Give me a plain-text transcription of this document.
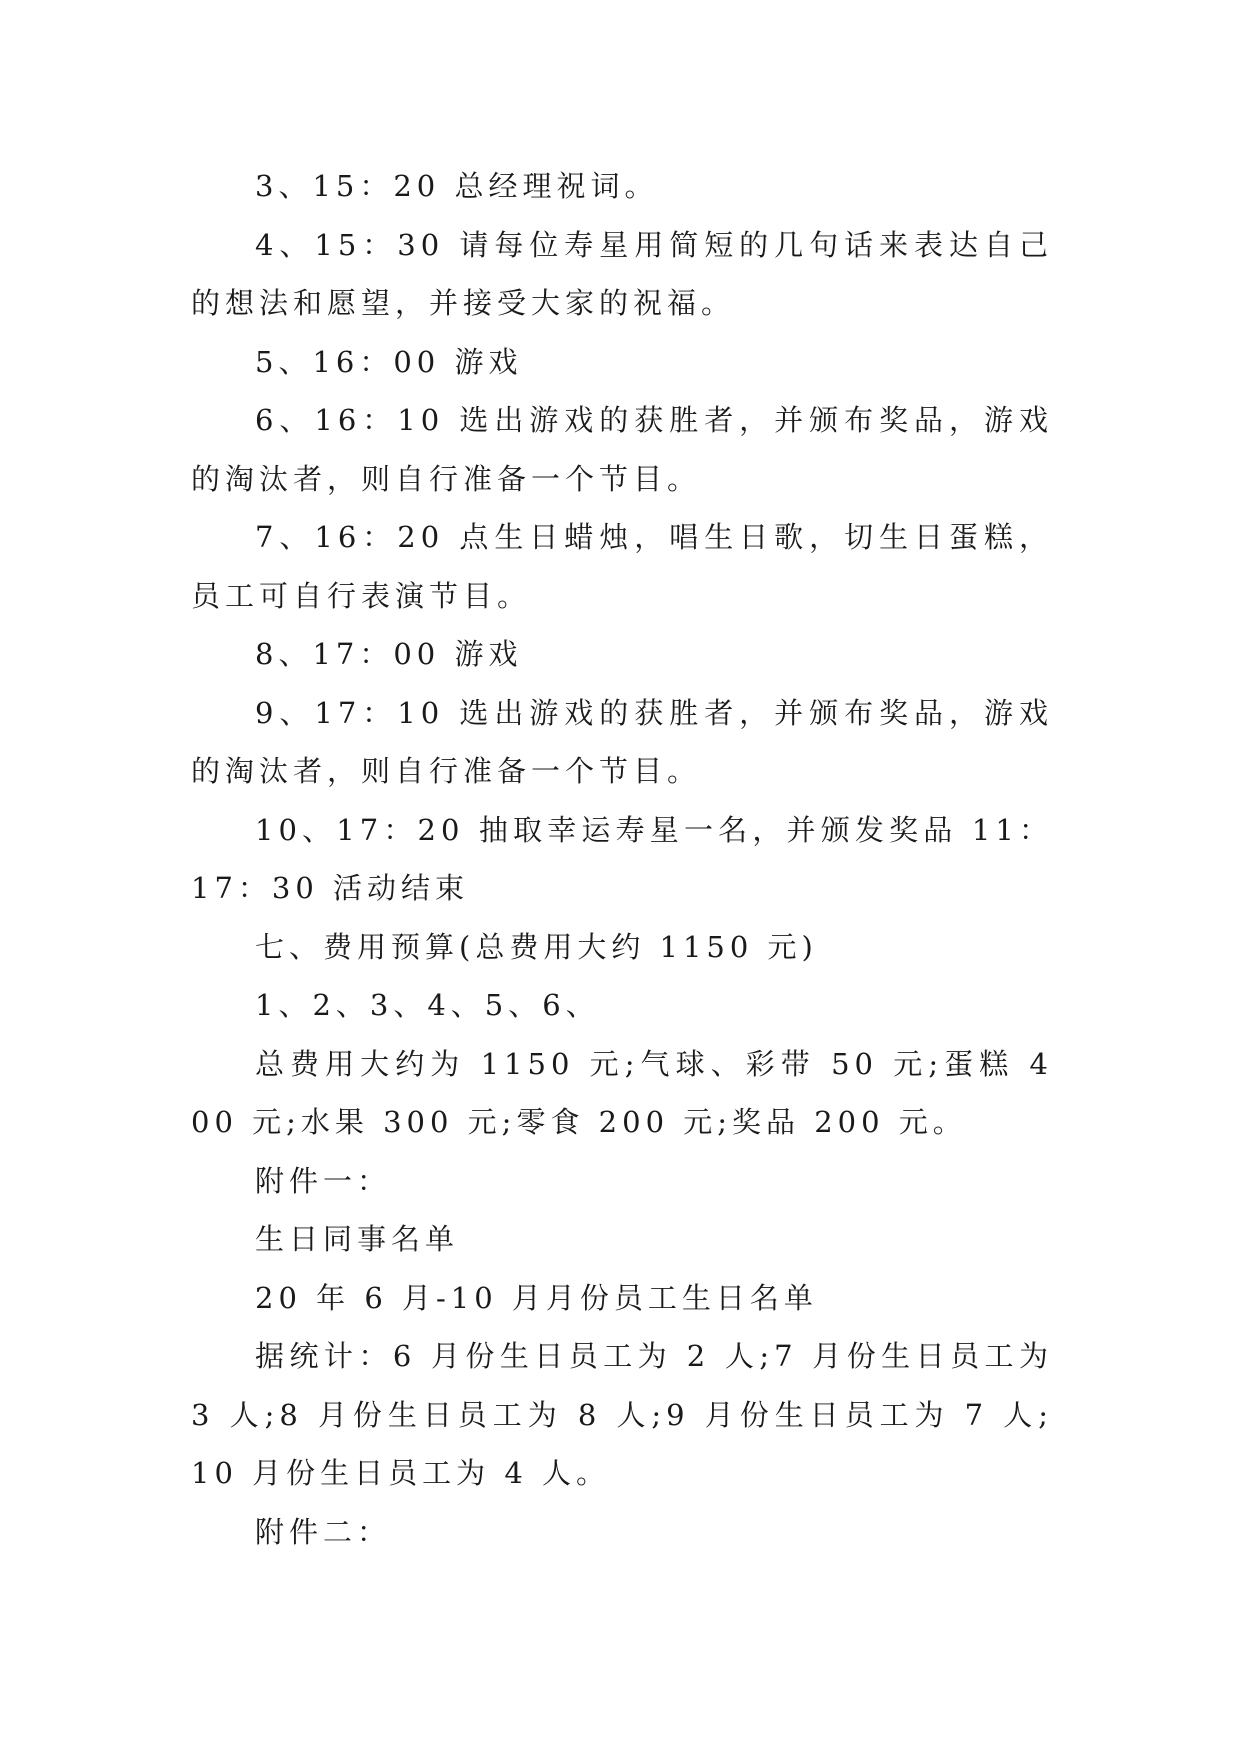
3、15：20 总经理祝词。

4、15：30 请每位寿星用简短的几句话来表达自己的想法和愿望，并接受大家的祝福。

5、16：00 游戏

6、16：10 选出游戏的获胜者，并颁布奖品，游戏的淘汰者，则自行准备一个节目。

7、16：20 点生日蜡烛，唱生日歌，切生日蛋糕，员工可自行表演节目。

8、17：00 游戏

9、17：10 选出游戏的获胜者，并颁布奖品，游戏的淘汰者，则自行准备一个节目。

10、17：20 抽取幸运寿星一名，并颁发奖品 11：17：30 活动结束

七、费用预算(总费用大约 1150 元)

1、2、3、4、5、6、

总费用大约为 1150 元;气球、彩带 50 元;蛋糕 400 元;水果 300 元;零食 200 元;奖品 200 元。

附件一：

生日同事名单

20 年 6 月-10 月月份员工生日名单

据统计：6 月份生日员工为 2 人;7 月份生日员工为 3 人;8 月份生日员工为 8 人;9 月份生日员工为 7 人;10 月份生日员工为 4 人。

附件二：
